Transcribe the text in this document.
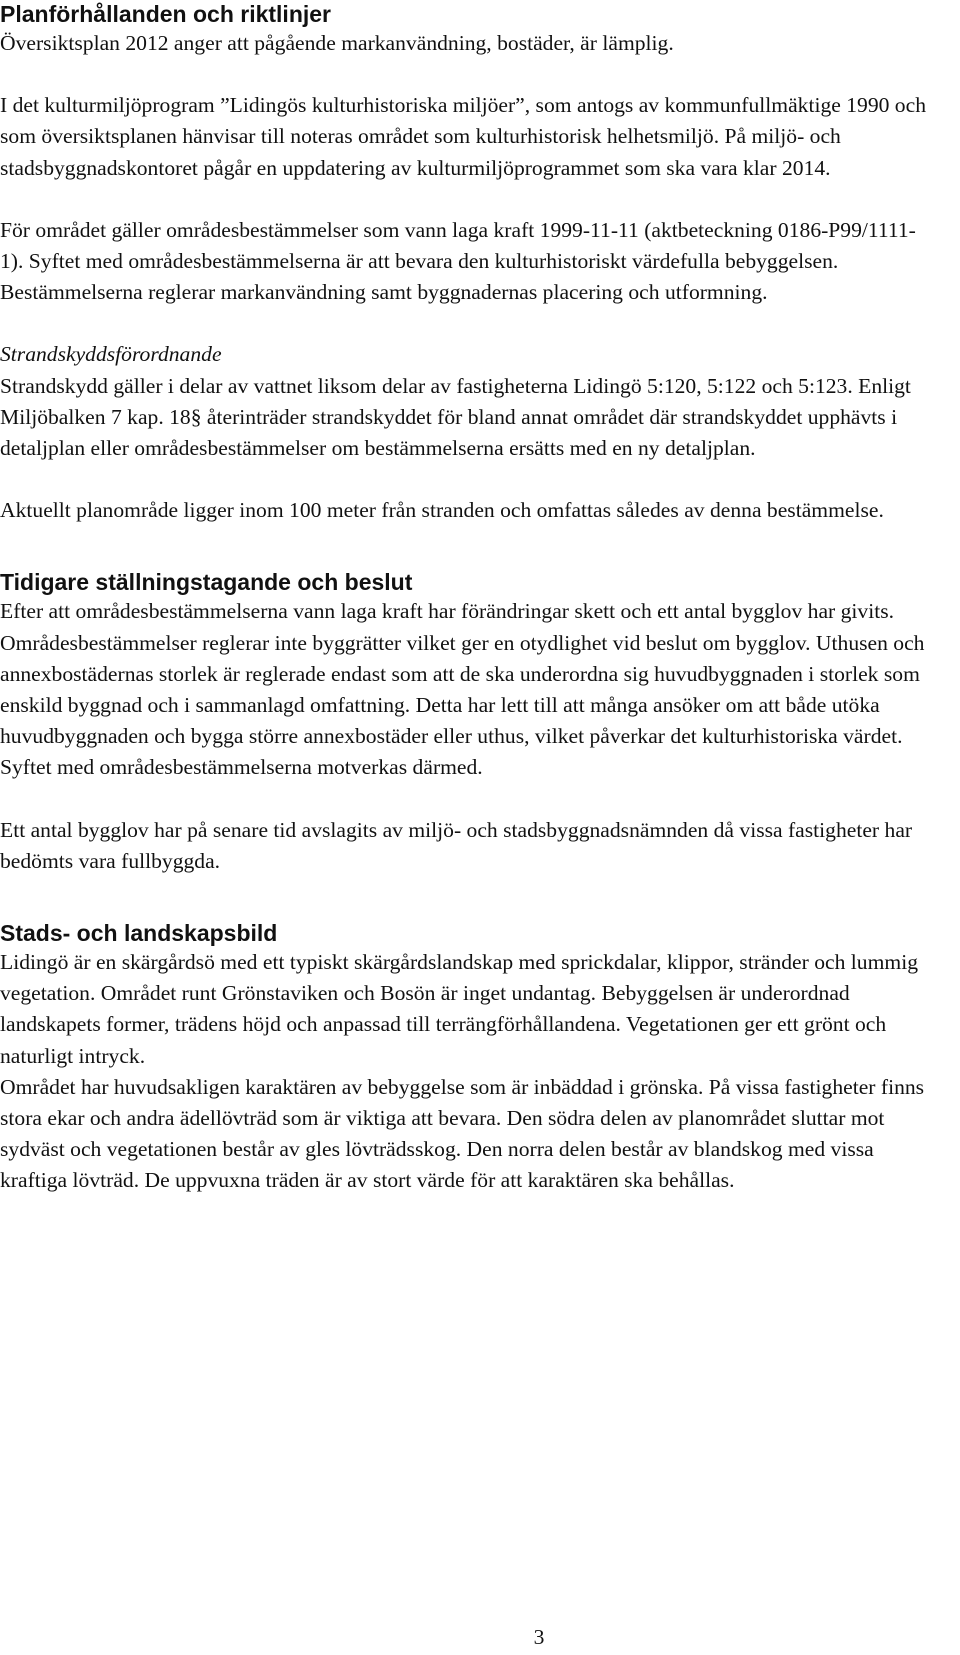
Planförhållanden och riktlinjer

Översiktsplan 2012 anger att pågående markanvändning, bostäder, är lämplig.

I det kulturmiljöprogram ”Lidingös kulturhistoriska miljöer”, som antogs av kommunfullmäktige 1990 och som översiktsplanen hänvisar till noteras området som kulturhistorisk helhetsmiljö. På miljö- och stadsbyggnadskontoret pågår en uppdatering av kulturmiljöprogrammet som ska vara klar 2014.

För området gäller områdesbestämmelser som vann laga kraft 1999-11-11 (aktbeteckning 0186-P99/1111-1). Syftet med områdesbestämmelserna är att bevara den kulturhistoriskt värdefulla bebyggelsen. Bestämmelserna reglerar markanvändning samt byggnadernas placering och utformning.

Strandskyddsförordnande

Strandskydd gäller i delar av vattnet liksom delar av fastigheterna Lidingö 5:120, 5:122 och 5:123. Enligt Miljöbalken 7 kap. 18§ återinträder strandskyddet för bland annat området där strandskyddet upphävts i detaljplan eller områdesbestämmelser om bestämmelserna ersätts med en ny detaljplan.

Aktuellt planområde ligger inom 100 meter från stranden och omfattas således av denna bestämmelse.

Tidigare ställningstagande och beslut

Efter att områdesbestämmelserna vann laga kraft har förändringar skett och ett antal bygglov har givits. Områdesbestämmelser reglerar inte byggrätter vilket ger en otydlighet vid beslut om bygglov. Uthusen och annexbostädernas storlek är reglerade endast som att de ska underordna sig huvudbyggnaden i storlek som enskild byggnad och i sammanlagd omfattning. Detta har lett till att många ansöker om att både utöka huvudbyggnaden och bygga större annexbostäder eller uthus, vilket påverkar det kulturhistoriska värdet. Syftet med områdesbestämmelserna motverkas därmed.

Ett antal bygglov har på senare tid avslagits av miljö- och stadsbyggnadsnämnden då vissa fastigheter har bedömts vara fullbyggda.

Stads- och landskapsbild

Lidingö är en skärgårdsö med ett typiskt skärgårdslandskap med sprickdalar, klippor, stränder och lummig vegetation. Området runt Grönstaviken och Bosön är inget undantag. Bebyggelsen är underordnad landskapets former, trädens höjd och anpassad till terrängförhållandena. Vegetationen ger ett grönt och naturligt intryck.

Området har huvudsakligen karaktären av bebyggelse som är inbäddad i grönska. På vissa fastigheter finns stora ekar och andra ädellövträd som är viktiga att bevara. Den södra delen av planområdet sluttar mot sydväst och vegetationen består av gles lövträdsskog. Den norra delen består av blandskog med vissa kraftiga lövträd. De uppvuxna träden är av stort värde för att karaktären ska behållas.

3
